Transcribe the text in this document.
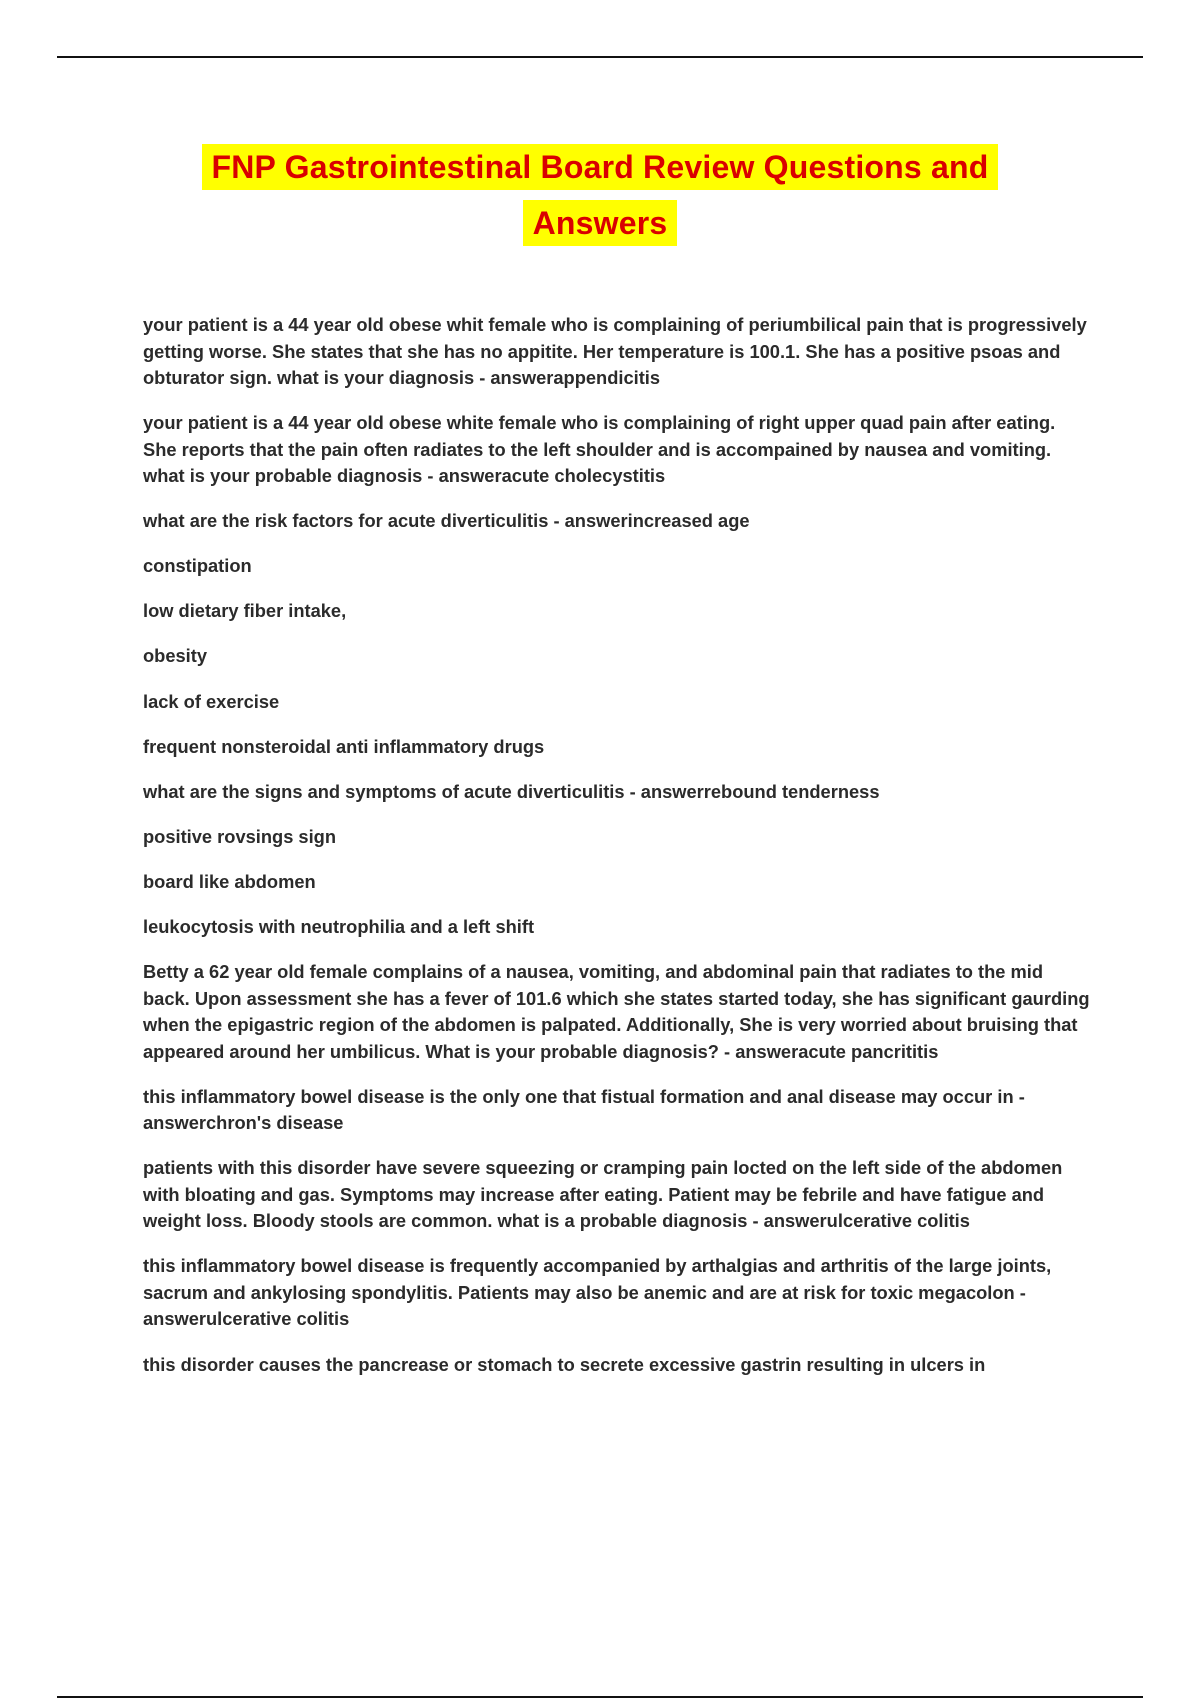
FNP Gastrointestinal Board Review Questions and
Answers

your patient is a 44 year old obese whit female who is complaining of periumbilical pain that is progressively getting worse. She states that she has no appitite. Her temperature is 100.1. She has a positive psoas and obturator sign. what is your diagnosis - answerappendicitis

your patient is a 44 year old obese white female who is complaining of right upper quad pain after eating. She reports that the pain often radiates to the left shoulder and is accompained by nausea and vomiting. what is your probable diagnosis - answeracute cholecystitis

what are the risk factors for acute diverticulitis - answerincreased age

constipation

low dietary fiber intake,

obesity

lack of exercise

frequent nonsteroidal anti inflammatory drugs

what are the signs and symptoms of acute diverticulitis - answerrebound tenderness

positive rovsings sign

board like abdomen

leukocytosis with neutrophilia and a left shift

Betty a 62 year old female complains of a nausea, vomiting, and abdominal pain that radiates to the mid back. Upon assessment she has a fever of 101.6 which she states started today, she has significant gaurding when the epigastric region of the abdomen is palpated. Additionally, She is very worried about bruising that appeared around her umbilicus. What is your probable diagnosis? - answeracute pancrititis

this inflammatory bowel disease is the only one that fistual formation and anal disease may occur in - answerchron's disease

patients with this disorder have severe squeezing or cramping pain locted on the left side of the abdomen with bloating and gas. Symptoms may increase after eating. Patient may be febrile and have fatigue and weight loss. Bloody stools are common. what is a probable diagnosis - answerulcerative colitis

this inflammatory bowel disease is frequently accompanied by arthalgias and arthritis of the large joints, sacrum and ankylosing spondylitis. Patients may also be anemic and are at risk for toxic megacolon - answerulcerative colitis

this disorder causes the pancrease or stomach to secrete excessive gastrin resulting in ulcers in
